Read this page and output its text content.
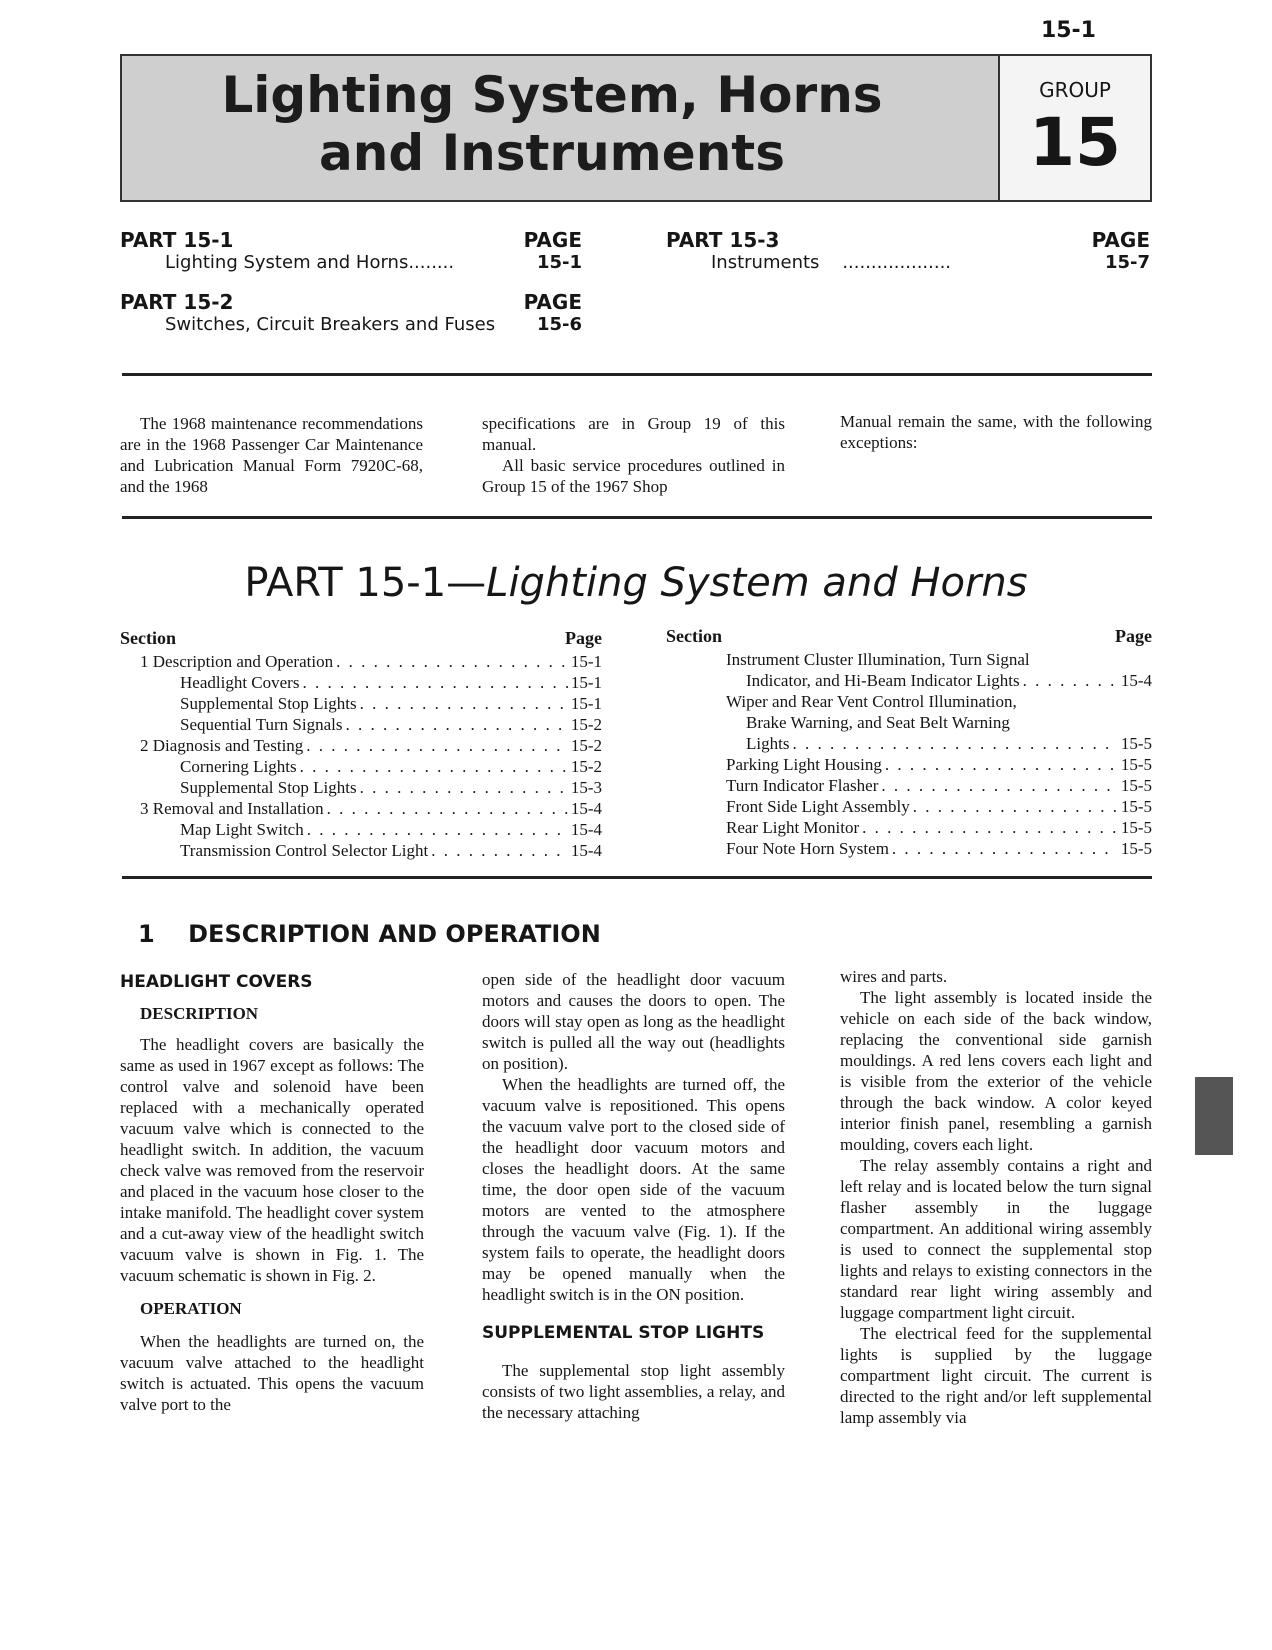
15-1
Lighting System, Horns
and Instruments
GROUP
15
PART 15-1	PAGE
Lighting System and Horns........	15-1
PART 15-2	PAGE
Switches, Circuit Breakers and Fuses 15-6
PART 15-3	PAGE
Instruments ...................	15-7

The 1968 maintenance recommendations are in the 1968 Passenger Car Maintenance and Lubrication Manual Form 7920C-68, and the 1968

specifications are in Group 19 of this manual.

All basic service procedures outlined in Group 15 of the 1967 Shop

Manual remain the same, with the following exceptions:

PART 15-1—Lighting System and Horns
Section	Page
1 Description and Operation . . .	15-1
Headlight Covers . . .	15-1
Supplemental Stop Lights . . .	15-1
Sequential Turn Signals . . .	15-2
2 Diagnosis and Testing . . .	15-2
Cornering Lights . . .	15-2
Supplemental Stop Lights . . .	15-3
3 Removal and Installation . . .	15-4
Map Light Switch . . .	15-4
Transmission Control Selector Light . . .	15-4
Section	Page
Instrument Cluster Illumination, Turn Signal
Indicator, and Hi-Beam Indicator Lights . . .	15-4
Wiper and Rear Vent Control Illumination,
Brake Warning, and Seat Belt Warning
Lights . . .	15-5
Parking Light Housing . . .	15-5
Turn Indicator Flasher . . .	15-5
Front Side Light Assembly . . .	15-5
Rear Light Monitor . . .	15-5
Four Note Horn System . . .	15-5
1 DESCRIPTION AND OPERATION
HEADLIGHT COVERS
DESCRIPTION

The headlight covers are basically the same as used in 1967 except as follows: The control valve and solenoid have been replaced with a mechanically operated vacuum valve which is connected to the headlight switch. In addition, the vacuum check valve was removed from the reservoir and placed in the vacuum hose closer to the intake manifold. The headlight cover system and a cut-away view of the headlight switch vacuum valve is shown in Fig. 1. The vacuum schematic is shown in Fig. 2.

OPERATION

When the headlights are turned on, the vacuum valve attached to the headlight switch is actuated. This opens the vacuum valve port to the

open side of the headlight door vacuum motors and causes the doors to open. The doors will stay open as long as the headlight switch is pulled all the way out (headlights on position).

When the headlights are turned off, the vacuum valve is repositioned. This opens the vacuum valve port to the closed side of the headlight door vacuum motors and closes the headlight doors. At the same time, the door open side of the vacuum motors are vented to the atmosphere through the vacuum valve (Fig. 1). If the system fails to operate, the headlight doors may be opened manually when the headlight switch is in the ON position.

SUPPLEMENTAL STOP LIGHTS

The supplemental stop light assembly consists of two light assemblies, a relay, and the necessary attaching

wires and parts.

The light assembly is located inside the vehicle on each side of the back window, replacing the conventional side garnish mouldings. A red lens covers each light and is visible from the exterior of the vehicle through the back window. A color keyed interior finish panel, resembling a garnish moulding, covers each light.

The relay assembly contains a right and left relay and is located below the turn signal flasher assembly in the luggage compartment. An additional wiring assembly is used to connect the supplemental stop lights and relays to existing connectors in the standard rear light wiring assembly and luggage compartment light circuit.

The electrical feed for the supplemental lights is supplied by the luggage compartment light circuit. The current is directed to the right and/or left supplemental lamp assembly via
